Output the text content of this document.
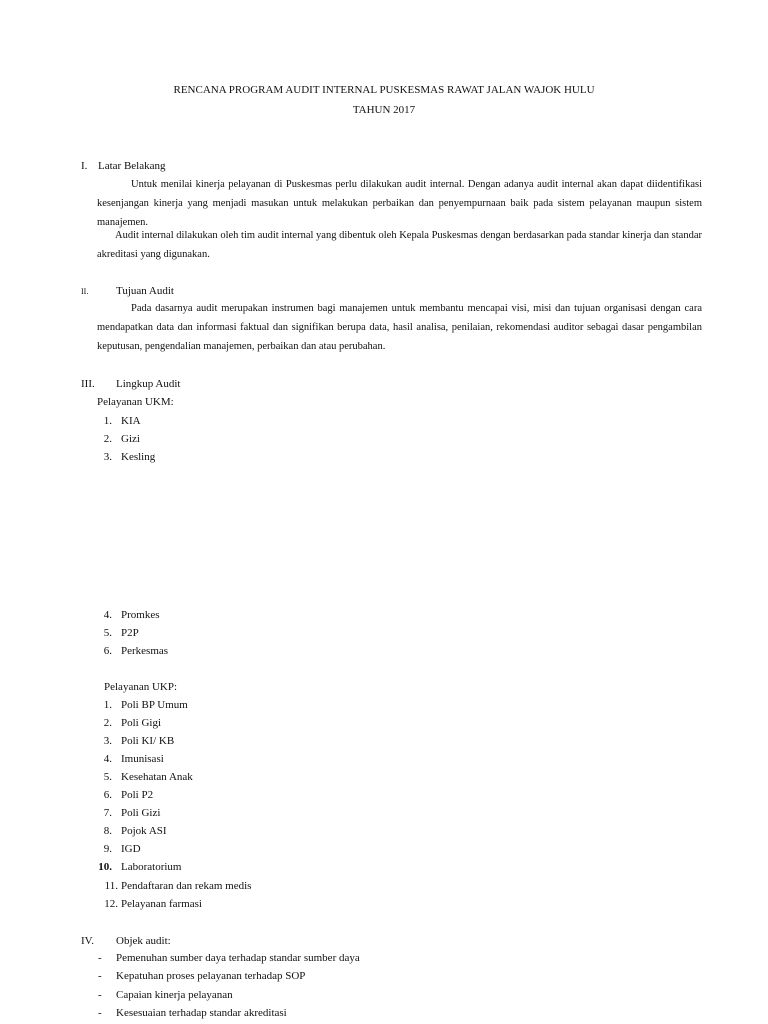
RENCANA PROGRAM AUDIT INTERNAL PUSKESMAS RAWAT JALAN WAJOK HULU

TAHUN 2017

I. Latar Belakang

Untuk menilai kinerja pelayanan di Puskesmas perlu dilakukan audit internal. Dengan adanya audit internal akan dapat diidentifikasi kesenjangan kinerja yang menjadi masukan untuk melakukan perbaikan dan penyempurnaan baik pada sistem pelayanan maupun sistem manajemen.

Audit internal dilakukan oleh tim audit internal yang dibentuk oleh Kepala Puskesmas dengan berdasarkan pada standar kinerja dan standar akreditasi yang digunakan.

II.	Tujuan Audit

Pada dasarnya audit merupakan instrumen bagi manajemen untuk membantu mencapai visi, misi dan tujuan organisasi dengan cara mendapatkan data dan informasi faktual dan signifikan berupa data, hasil analisa, penilaian, rekomendasi auditor sebagai dasar pengambilan keputusan, pengendalian manajemen, perbaikan dan atau perubahan.

III. Lingkup Audit
Pelayanan UKM:
1. KIA
2. Gizi
3. Kesling
4. Promkes
5. P2P
6. Perkesmas
Pelayanan UKP:
1. Poli BP Umum
2. Poli Gigi
3. Poli KI/ KB
4. Imunisasi
5. Kesehatan Anak
6. Poli P2
7. Poli Gizi
8. Pojok ASI
9. IGD
10. Laboratorium
11. Pendaftaran dan rekam medis
12. Pelayanan farmasi
IV. Objek audit:
- Pemenuhan sumber daya terhadap standar sumber daya
- Kepatuhan proses pelayanan terhadap SOP
- Capaian kinerja pelayanan
- Kesesuaian terhadap standar akreditasi
